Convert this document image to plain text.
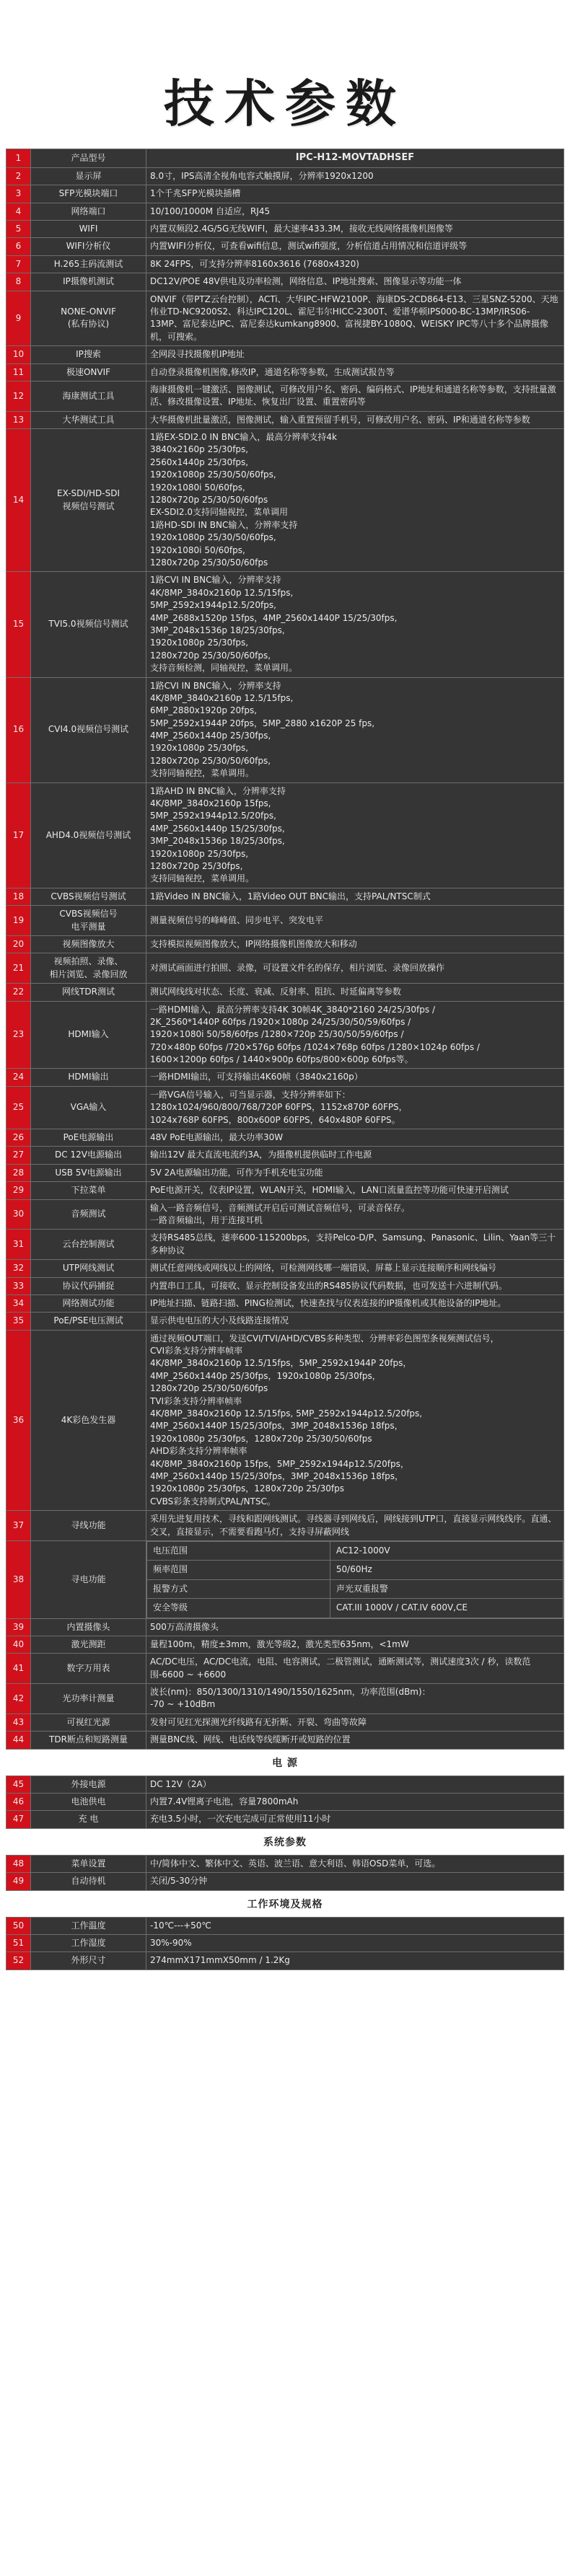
技术参数
1	产品型号	IPC-H12-MOVTADHSEF
2	显示屏	8.0寸，IPS高清全视角电容式触摸屏，分辨率1920x1200
3	SFP光模块端口	1个千兆SFP光模块插槽
4	网络端口	10/100/1000M 自适应，RJ45
5	WIFI	内置双频段2.4G/5G无线WIFI，最大速率433.3M，接收无线网络摄像机图像等
6	WIFI分析仪	内置WIFI分析仪，可查看wifi信息，测试wifi强度，分析信道占用情况和信道评级等
7	H.265主码流测试	8K 24FPS，可支持分辨率8160x3616 (7680x4320)
8	IP摄像机测试	DC12V/POE 48V供电及功率检测，网络信息、IP地址搜索、图像显示等功能一体
9	NONE-ONVIF
(私有协议)	ONVIF（带PTZ云台控制），ACTi、大华IPC-HFW2100P、海康DS-2CD864-E13、三星SNZ-5200、天地伟业TD-NC9200S2、科达IPC120L、霍尼韦尔HICC-2300T、爱谱华顿IPS000-BC-13MP/IRS06-13MP、富尼泰达IPC、富尼泰达kumkang8900、富视捷BY-1080Q、WEISKY IPC等八十多个品牌摄像机，可搜索。
10	IP搜索	全网段寻找摄像机IP地址
11	极速ONVIF	自动登录摄像机图像,修改IP，通道名称等参数，生成测试报告等
12	海康测试工具	海康摄像机一键激活、图像测试，可修改用户名、密码、编码格式、IP地址和通道名称等参数，支持批量激活、修改摄像设置、IP地址、恢复出厂设置、重置密码等
13	大华测试工具	大华摄像机批量激活，图像测试，输入重置预留手机号，可修改用户名、密码、IP和通道名称等参数
14	EX-SDI/HD-SDI
视频信号测试	1路EX-SDI2.0 IN BNC输入，最高分辨率支持4k
3840x2160p 25/30fps,
2560x1440p 25/30fps,
1920x1080p 25/30/50/60fps,
1920x1080i 50/60fps,
1280x720p 25/30/50/60fps
EX-SDI2.0支持同轴视控，菜单调用
1路HD-SDI IN BNC输入，分辨率支持
1920x1080p 25/30/50/60fps,
1920x1080i 50/60fps,
1280x720p 25/30/50/60fps
15	TVI5.0视频信号测试	1路CVI IN BNC输入，分辨率支持
4K/8MP_3840x2160p 12.5/15fps,
5MP_2592x1944p12.5/20fps,
4MP_2688x1520p 15fps，4MP_2560x1440P 15/25/30fps,
3MP_2048x1536p 18/25/30fps,
1920x1080p 25/30fps,
1280x720p 25/30/50/60fps,
支持音频检测，同轴视控，菜单调用。
16	CVI4.0视频信号测试	1路CVI IN BNC输入，分辨率支持
4K/8MP_3840x2160p 12.5/15fps,
6MP_2880x1920p 20fps,
5MP_2592x1944P 20fps，5MP_2880 x1620P 25 fps,
4MP_2560x1440p 25/30fps,
1920x1080p 25/30fps,
1280x720p 25/30/50/60fps,
支持同轴视控，菜单调用。
17	AHD4.0视频信号测试	1路AHD IN BNC输入，分辨率支持
4K/8MP_3840x2160p 15fps,
5MP_2592x1944p12.5/20fps,
4MP_2560x1440p 15/25/30fps,
3MP_2048x1536p 18/25/30fps,
1920x1080p 25/30fps,
1280x720p 25/30fps,
支持同轴视控，菜单调用。
18	CVBS视频信号测试	1路Video IN BNC输入，1路Video OUT BNC输出，支持PAL/NTSC制式
19	CVBS视频信号
电平测量	测量视频信号的峰峰值、同步电平、突发电平
20	视频图像放大	支持模拟视频图像放大，IP网络摄像机图像放大和移动
21	视频拍照、录像、
相片浏览、录像回放	对测试画面进行拍照、录像，可设置文件名的保存，相片浏览、录像回放操作
22	网线TDR测试	测试网线线对状态、长度、衰减、反射率、阻抗、时延偏离等参数
23	HDMI输入	一路HDMI输入，最高分辨率支持4K 30帧4K_3840*2160 24/25/30fps /
2K_2560*1440P 60fps /1920×1080p 24/25/30/50/59/60fps /
1920×1080i 50/58/60fps /1280×720p 25/30/50/59/60fps /
720×480p 60fps /720×576p 60fps /1024×768p 60fps /1280×1024p 60fps /
1600×1200p 60fps / 1440×900p 60fps/800×600p 60fps等。
24	HDMI输出	一路HDMI输出，可支持输出4K60帧（3840x2160p）
25	VGA输入	一路VGA信号输入，可当显示器，支持分辨率如下：
1280x1024/960/800/768/720P 60FPS，1152x870P 60FPS，
1024x768P 60FPS，800x600P 60FPS，640x480P 60FPS。
26	PoE电源输出	48V PoE电源输出，最大功率30W
27	DC 12V电源输出	输出12V 最大直流电流约3A，为摄像机提供临时工作电源
28	USB 5V电源输出	5V 2A电源输出功能，可作为手机充电宝功能
29	下拉菜单	PoE电源开关，仪表IP设置，WLAN开关，HDMI输入，LAN口流量监控等功能可快速开启测试
30	音频测试	输入一路音频信号，音频测试开启后可测试音频信号，可录音保存。
一路音频输出，用于连接耳机
31	云台控制测试	支持RS485总线，速率600-115200bps，支持Pelco-D/P、Samsung、Panasonic、Lilin、Yaan等三十多种协议
32	UTP网线测试	测试任意网线或网线以上的网络，可检测网线哪一端错误，屏幕上显示连接顺序和网线编号
33	协议代码捕捉	内置串口工具，可接收、显示控制设备发出的RS485协议代码数据，也可发送十六进制代码。
34	网络测试功能	IP地址扫描、链路扫描、PING检测试，快速查找与仪表连接的IP摄像机或其他设备的IP地址。
35	PoE/PSE电压测试	显示供电电压的大小及线路连接情况
36	4K彩色发生器	通过视频OUT端口，发送CVI/TVI/AHD/CVBS多种类型、分辨率彩色图型条视频测试信号，
CVI彩条支持分辨率帧率
4K/8MP_3840x2160p 12.5/15fps，5MP_2592x1944P 20fps，
4MP_2560x1440p 25/30fps，1920x1080p 25/30fps，
1280x720p 25/30/50/60fps
TVI彩条支持分辨率帧率
4K/8MP_3840x2160p 12.5/15fps, 5MP_2592x1944p12.5/20fps,
4MP_2560x1440P 15/25/30fps，3MP_2048x1536p 18fps，
1920x1080p 25/30fps，1280x720p 25/30/50/60fps
AHD彩条支持分辨率帧率
4K/8MP_3840x2160p 15fps，5MP_2592x1944p12.5/20fps，
4MP_2560x1440p 15/25/30fps，3MP_2048x1536p 18fps，
1920x1080p 25/30fps，1280x720p 25/30fps
CVBS彩条支持制式PAL/NTSC。
37	寻线功能	采用先进复用技术，寻线和跟网线测试。寻线器寻到网线后，网线接到UTP口，直接显示网线线序。直通、交叉，直接显示，不需要看跑马灯，支持寻屏蔽网线
38	寻电功能	
电压范围	AC12-1000V
频率范围	50/60Hz
报警方式	声光双重报警
安全等级	CAT.III 1000V / CAT.IV 600V,CE

39	内置摄像头	500万高清摄像头
40	激光测距	量程100m，精度±3mm，激光等级2，激光类型635nm，<1mW
41	数字万用表	AC/DC电压，AC/DC电流，电阻、电容测试，二极管测试，通断测试等，测试速度3次 / 秒，读数范围-6600 ~ +6600
42	光功率计测量	波长(nm)：850/1300/1310/1490/1550/1625nm，功率范围(dBm)：
-70 ~ +10dBm
43	可视红光源	发射可见红光探测光纤线路有无折断、开裂、弯曲等故障
44	TDR断点和短路测量	测量BNC线、网线、电话线等线缆断开或短路的位置
电 源
45	外接电源	DC 12V（2A）
46	电池供电	内置7.4V锂离子电池，容量7800mAh
47	充 电	充电3.5小时，一次充电完成可正常使用11小时
系统参数
48	菜单设置	中/简体中文、繁体中文、英语、波兰语、意大利语、韩语OSD菜单，可选。
49	自动待机	关闭/5-30分钟
工作环境及规格
50	工作温度	-10℃---+50℃
51	工作湿度	30%-90%
52	外形尺寸	274mmX171mmX50mm / 1.2Kg
